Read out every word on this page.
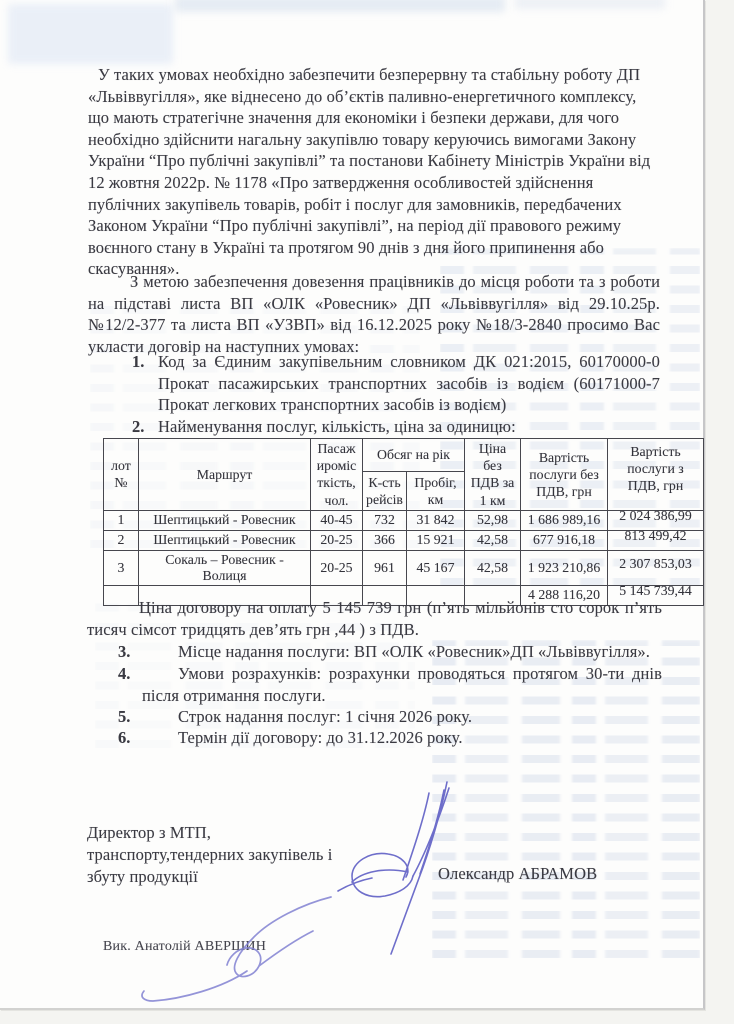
У таких умовах необхідно забезпечити безперервну та стабільну роботу ДП «Львіввугілля», яке віднесено до об’єктів паливно-енергетичного комплексу, що мають стратегічне значення для економіки і безпеки держави, для чого необхідно здійснити нагальну закупівлю товару керуючись вимогами Закону України “Про публічні закупівлі” та постанови Кабінету Міністрів України від 12 жовтня 2022р. № 1178 «Про затвердження особливостей здійснення публічних закупівель товарів, робіт і послуг для замовників, передбачених Законом України “Про публічні закупівлі”, на період дії правового режиму воєнного стану в Україні та протягом 90 днів з дня його припинення або скасування».
З метою забезпечення довезення працівників до місця роботи та з роботи на підставі листа ВП «ОЛК «Ровесник» ДП «Львіввугілля» від 29.10.25р. №12/2-377 та листа ВП «УЗВП» від 16.12.2025 року №18/3-2840 просимо Вас укласти договір на наступних умовах:
1. Код за Єдиним закупівельним словником ДК 021:2015, 60170000-0 Прокат пасажирських транспортних засобів із водієм (60171000-7 Прокат легкових транспортних засобів із водієм)
2. Найменування послуг, кількість, ціна за одиницю:
лот №	Маршрут	Пасажиромісткість, чол.	Обсяг на рік		Ціна без ПДВ за 1 км	Вартість послуги без ПДВ, грн	Вартість послуги з ПДВ, грн
			К-сть рейсів	Пробіг, км			
1	Шептицький - Ровесник	40-45	732	31 842	52,98	1 686 989,16	2 024 386,99

2	Шептицький - Ровесник	20-25	366	15 921	42,58	677 916,18	813 499,42

3	Сокаль – Ровесник - Волиця	20-25	961	45 167	42,58	1 923 210,86	2 307 853,03

						4 288 116,20	5 145 739,44
Ціна договору на оплату 5 145 739 грн (п’ять мільйонів сто сорок п’ять тисяч сімсот тридцять дев’ять грн ,44 ) з ПДВ.
3.	Місце надання послуги: ВП «ОЛК «Ровесник»ДП «Львіввугілля».
4.	Умови розрахунків: розрахунки проводяться протягом 30-ти днів після отримання послуги.
5.	Строк надання послуг: 1 січня 2026 року.
6.	Термін дії договору: до 31.12.2026 року.
Директор з МТП,
транспорту,тендерних закупівель і
збуту продукції	Олександр АБРАМОВ
Вик. Анатолій АВЕРШИН
